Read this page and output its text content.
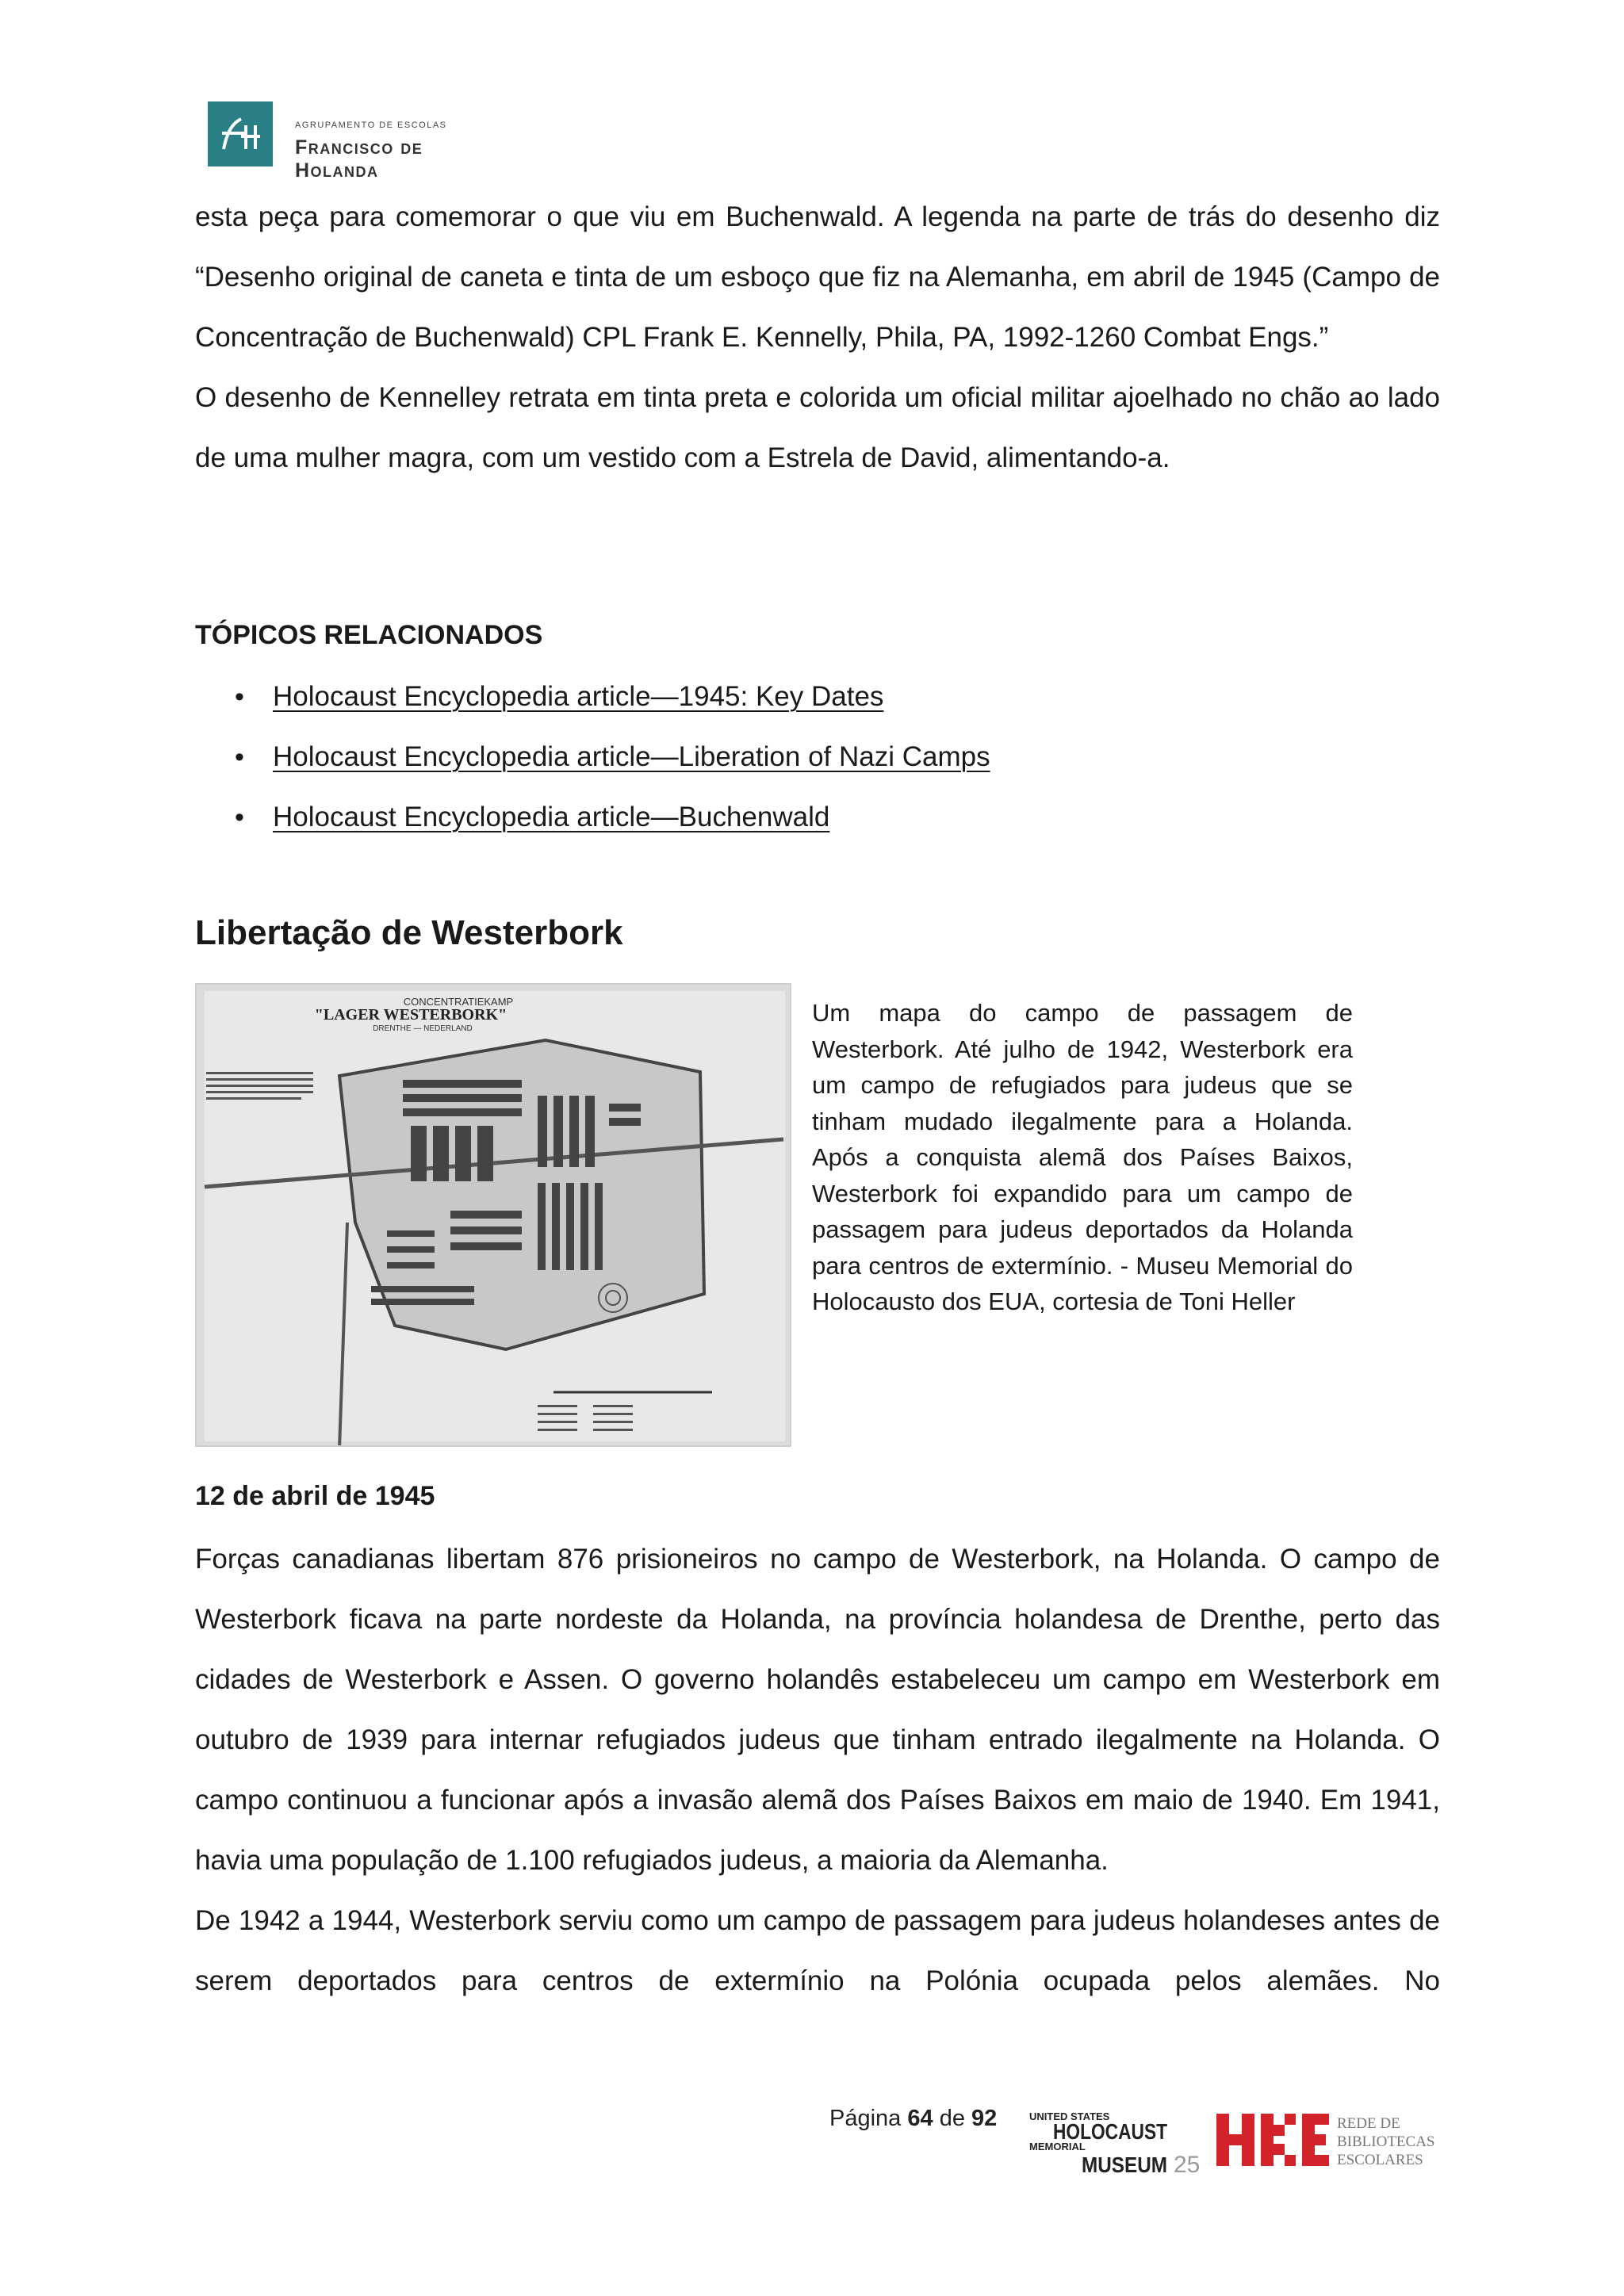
AGRUPAMENTO DE ESCOLAS
Francisco de Holanda

esta peça para comemorar o que viu em Buchenwald. A legenda na parte de trás do desenho diz “Desenho original de caneta e tinta de um esboço que fiz na Alemanha, em abril de 1945 (Campo de Concentração de Buchenwald) CPL Frank E. Kennelly, Phila, PA, 1992-1260 Combat Engs.”

O desenho de Kennelley retrata em tinta preta e colorida um oficial militar ajoelhado no chão ao lado de uma mulher magra, com um vestido com a Estrela de David, alimentando-a.

TÓPICOS RELACIONADOS
• Holocaust Encyclopedia article—1945: Key Dates
• Holocaust Encyclopedia article—Liberation of Nazi Camps
• Holocaust Encyclopedia article—Buchenwald
Libertação de Westerbork
CONCENTRATIEKAMP
"LAGER WESTERBORK"
DRENTHE — NEDERLAND
Um mapa do campo de passagem de Westerbork. Até julho de 1942, Westerbork era um campo de refugiados para judeus que se tinham mudado ilegalmente para a Holanda. Após a conquista alemã dos Países Baixos, Westerbork foi expandido para um campo de passagem para judeus deportados da Holanda para centros de extermínio. - Museu Memorial do Holocausto dos EUA, cortesia de Toni Heller
12 de abril de 1945

Forças canadianas libertam 876 prisioneiros no campo de Westerbork, na Holanda. O campo de Westerbork ficava na parte nordeste da Holanda, na província holandesa de Drenthe, perto das cidades de Westerbork e Assen. O governo holandês estabeleceu um campo em Westerbork em outubro de 1939 para internar refugiados judeus que tinham entrado ilegalmente na Holanda. O campo continuou a funcionar após a invasão alemã dos Países Baixos em maio de 1940. Em 1941, havia uma população de 1.100 refugiados judeus, a maioria da Alemanha.

De 1942 a 1944, Westerbork serviu como um campo de passagem para judeus holandeses antes de serem deportados para centros de extermínio na Polónia ocupada pelos alemães. No

Página 64 de 92	UNITED STATES
HOLOCAUST
MEMORIAL
MUSEUM 25
REDE DE
BIBLIOTECAS
ESCOLARES
